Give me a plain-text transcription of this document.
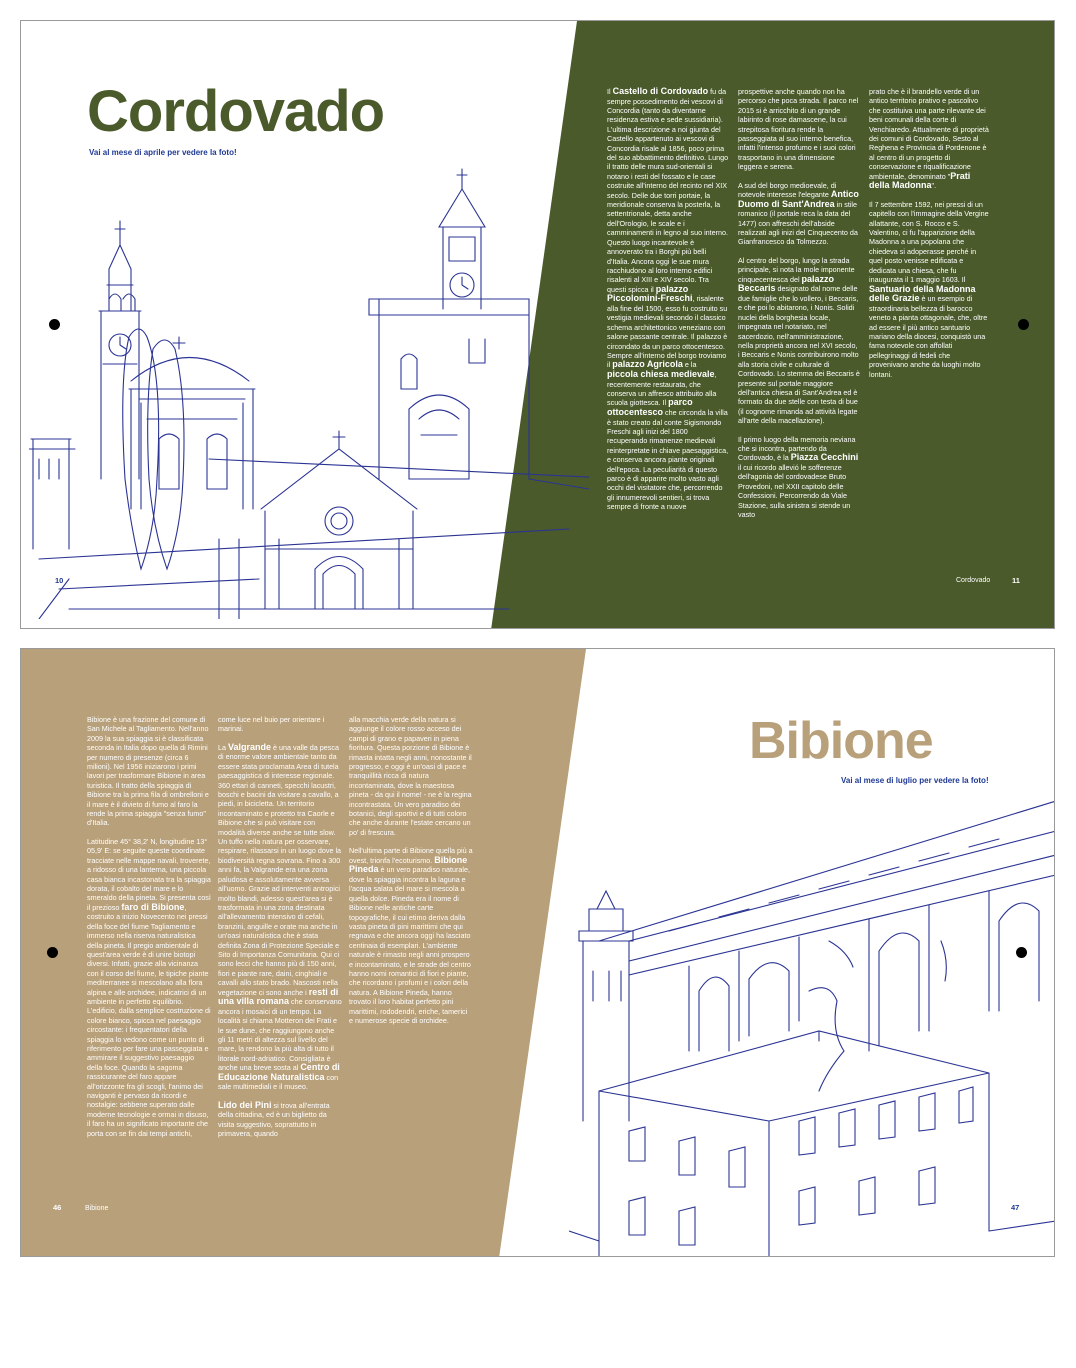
Cordovado
Vai al mese di aprile per vedere la foto!

Il Castello di Cordovado fu da sempre possedimento dei vescovi di Concordia (tanto da diventarne residenza estiva e sede sussidiaria). L'ultima descrizione a noi giunta del Castello appartenuto ai vescovi di Concordia risale al 1856, poco prima del suo abbattimento definitivo. Lungo il tratto delle mura sud-orientali si notano i resti del fossato e le case costruite all'interno del recinto nel XIX secolo. Delle due torri portaie, la meridionale conserva la posterla, la settentrionale, detta anche dell'Orologio, le scale e i camminamenti in legno al suo interno. Questo luogo incantevole è annoverato tra i Borghi più belli d'Italia. Ancora oggi le sue mura racchiudono al loro interno edifici risalenti al XIII e XIV secolo. Tra questi spicca il palazzo Piccolomini-Freschi, risalente alla fine del 1500, esso fu costruito su vestigia medievali secondo il classico schema architettonico veneziano con salone passante centrale. Il palazzo è circondato da un parco ottocentesco. Sempre all'interno del borgo troviamo il palazzo Agricola e la piccola chiesa medievale, recentemente restaurata, che conserva un affresco attribuito alla scuola giottesca. Il parco ottocentesco che circonda la villa è stato creato dal conte Sigismondo Freschi agli inizi del 1800 recuperando rimanenze medievali reinterpretate in chiave paesaggistica, e conserva ancora piante originali dell'epoca. La peculiarità di questo parco è di apparire molto vasto agli occhi del visitatore che, percorrendo gli innumerevoli sentieri, si trova sempre di fronte a nuove

prospettive anche quando non ha percorso che poca strada. Il parco nel 2015 si è arricchito di un grande labirinto di rose damascene, la cui strepitosa fioritura rende la passeggiata al suo interno benefica, infatti l'intenso profumo e i suoi colori trasportano in una dimensione leggera e serena.

A sud del borgo medioevale, di notevole interesse l'elegante Antico Duomo di Sant'Andrea in stile romanico (il portale reca la data del 1477) con affreschi dell'abside realizzati agli inizi del Cinquecento da Gianfrancesco da Tolmezzo.

Al centro del borgo, lungo la strada principale, si nota la mole imponente cinquecentesca del palazzo Beccaris designato dal nome delle due famiglie che lo vollero, i Beccaris, e che poi lo abitarono, i Nonis. Solidi nuclei della borghesia locale, impegnata nel notariato, nel sacerdozio, nell'amministrazione, nella proprietà ancora nel XVI secolo, i Beccaris e Nonis contribuirono molto alla storia civile e culturale di Cordovado. Lo stemma dei Beccaris è presente sul portale maggiore dell'antica chiesa di Sant'Andrea ed è formato da due stelle con testa di bue (il cognome rimanda ad attività legate all'arte della macellazione).

Il primo luogo della memoria neviana che si incontra, partendo da Cordovado, è la Piazza Cecchini il cui ricordo allevió le sofferenze dell'agonia del cordovadese Bruto Provedoni, nel XXII capitolo delle Confessioni. Percorrendo da Viale Stazione, sulla sinistra si stende un vasto

prato che è il brandello verde di un antico territorio prativo e pascolivo che costituiva una parte rilevante dei beni comunali della corte di Venchiaredo. Attualmente di proprietà dei comuni di Cordovado, Sesto al Reghena e Provincia di Pordenone è al centro di un progetto di conservazione e riqualificazione ambientale, denominato "Prati della Madonna".

Il 7 settembre 1592, nei pressi di un capitello con l'immagine della Vergine allattante, con S. Rocco e S. Valentino, ci fu l'apparizione della Madonna a una popolana che chiedeva si adoperasse perché in quel posto venisse edificata e dedicata una chiesa, che fu inaugurata il 1 maggio 1603. Il Santuario della Madonna delle Grazie è un esempio di straordinaria bellezza di barocco veneto a pianta ottagonale, che, oltre ad essere il più antico santuario mariano della diocesi, conquistò una fama notevole con affollati pellegrinaggi di fedeli che provenivano anche da luoghi molto lontani.

10	Cordovado	11
Bibione
Vai al mese di luglio per vedere la foto!

Bibione è una frazione del comune di San Michele al Tagliamento. Nell'anno 2009 la sua spiaggia si è classificata seconda in Italia dopo quella di Rimini per numero di presenze (circa 6 milioni). Nel 1956 iniziarono i primi lavori per trasformare Bibione in area turistica. Il tratto della spiaggia di Bibione tra la prima fila di ombrelloni e il mare è il divieto di fumo al faro la rende la prima spiaggia "senza fumo" d'Italia.

Latitudine 45° 38,2' N, longitudine 13° 05,9' E: se seguite queste coordinate tracciate nelle mappe navali, troverete, a ridosso di una lanterna, una piccola casa bianca incastonata tra la spiaggia dorata, il cobalto del mare e lo smeraldo della pineta. Si presenta così il prezioso faro di Bibione, costruito a inizio Novecento nei pressi della foce del fiume Tagliamento e immerso nella riserva naturalistica della pineta. Il pregio ambientale di quest'area verde è di unire biotopi diversi. Infatti, grazie alla vicinanza con il corso del fiume, le tipiche piante mediterranee si mescolano alla flora alpina e alle orchidee, indicatrici di un ambiente in perfetto equilibrio. L'edificio, dalla semplice costruzione di colore bianco, spicca nel paesaggio circostante: i frequentatori della spiaggia lo vedono come un punto di riferimento per fare una passeggiata e ammirare il suggestivo paesaggio della foce. Quando la sagoma rassicurante del faro appare all'orizzonte fra gli scogli, l'animo dei naviganti è pervaso da ricordi e nostalgie: sebbene superato dalle moderne tecnologie e ormai in disuso, il faro ha un significato importante che porta con se fin dai tempi antichi,

come luce nel buio per orientare i marinai.

La Valgrande è una valle da pesca di enorme valore ambientale tanto da essere stata proclamata Area di tutela paesaggistica di interesse regionale. 360 ettari di canneti, specchi lacustri, boschi e bacini da visitare a cavallo, a piedi, in bicicletta. Un territorio incontaminato e protetto tra Caorle e Bibione che si può visitare con modalità diverse anche se tutte slow. Un tuffo nella natura per osservare, respirare, rilassarsi in un luogo dove la biodiversità regna sovrana. Fino a 300 anni fa, la Valgrande era una zona paludosa e assolutamente avversa all'uomo. Grazie ad interventi antropici molto blandi, adesso quest'area si è trasformata in una zona destinata all'allevamento intensivo di cefali, branzini, anguille e orate ma anche in un'oasi naturalistica che è stata definita Zona di Protezione Speciale e Sito di Importanza Comunitaria. Qui ci sono lecci che hanno più di 150 anni, fiori e piante rare, daini, cinghiali e cavalli allo stato brado. Nascosti nella vegetazione ci sono anche i resti di una villa romana che conservano ancora i mosaici di un tempo. La località si chiama Motteron dei Frati e le sue dune, che raggiungono anche gli 11 metri di altezza sul livello del mare, la rendono la più alta di tutto il litorale nord-adriatico. Consigliata è anche una breve sosta al Centro di Educazione Naturalistica con sale multimediali e il museo.

Lido dei Pini si trova all'entrata della cittadina, ed è un biglietto da visita suggestivo, soprattutto in primavera, quando

alla macchia verde della natura si aggiunge il colore rosso acceso dei campi di grano e papaveri in piena fioritura. Questa porzione di Bibione è rimasta intatta negli anni, nonostante il progresso, e oggi è un'oasi di pace e tranquillità ricca di natura incontaminata, dove la maestosa pineta - da qui il nome! - ne è la regina incontrastata. Un vero paradiso dei botanici, degli sportivi e di tutti coloro che anche durante l'estate cercano un po' di frescura.

Nell'ultima parte di Bibione quella più a ovest, trionfa l'ecoturismo. Bibione Pineda è un vero paradiso naturale, dove la spiaggia incontra la laguna e l'acqua salata del mare si mescola a quella dolce. Pineda era il nome di Bibione nelle antiche carte topografiche, il cui etimo deriva dalla vasta pineta di pini marittimi che qui regnava e che ancora oggi ha lasciato centinaia di esemplari. L'ambiente naturale è rimasto negli anni prospero e incontaminato, e le strade del centro hanno nomi romantici di fiori e piante, che ricordano i profumi e i colori della natura. A Bibione Pineda, hanno trovato il loro habitat perfetto pini marittimi, rododendri, eriche, tamerici e numerose specie di orchidee.

46	Bibione	47
